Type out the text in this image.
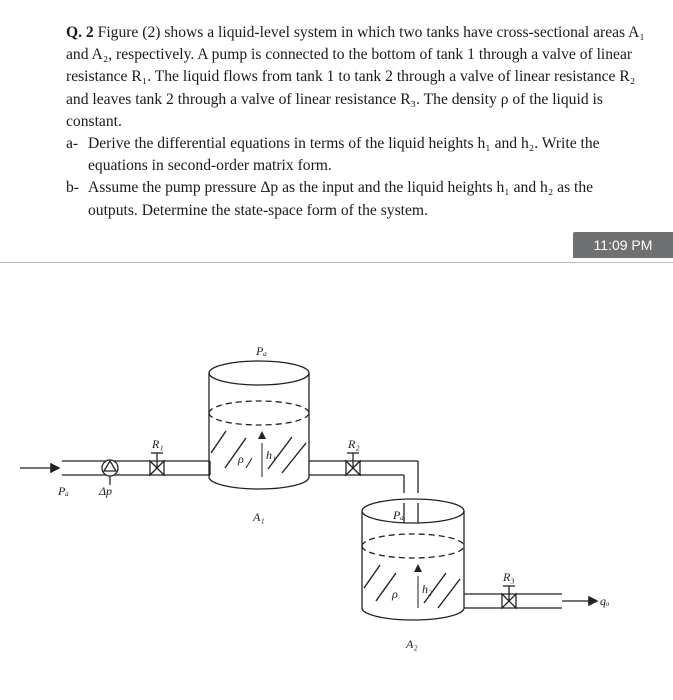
Q. 2 Figure (2) shows a liquid-level system in which two tanks have cross-sectional areas A₁ and A₂, respectively. A pump is connected to the bottom of tank 1 through a valve of linear resistance R₁. The liquid flows from tank 1 to tank 2 through a valve of linear resistance R₂ and leaves tank 2 through a valve of linear resistance R₃. The density ρ of the liquid is constant.

a- Derive the differential equations in terms of the liquid heights h₁ and h₂. Write the equations in second-order matrix form.
b- Assume the pump pressure Δp as the input and the liquid heights h₁ and h₂ as the outputs. Determine the state-space form of the system.
11:09 PM
Pₐ
Pₐ	Δp
R₁	R₂
R₃
A₁
A₂
Pₐ
h₁
h₂
ρ
ρ	qₒ
